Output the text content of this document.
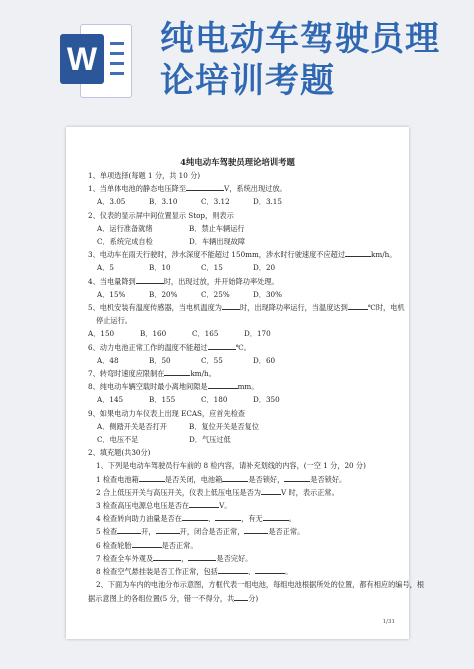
W 纯电动车驾驶员理论培训考题
4纯电动车驾驶员理论培训考题
1、单项选择(每题 1 分，共 10 分)
1、当单体电池的静态电压降至	V，系统出现过放。
A．3.05	B．3.10	C．3.12	D．3.15
2、仪表的显示屏中间位置显示 Stop，则表示
A．运行准备就绪	B．禁止车辆运行
C．系统完成自检	D．车辆出现故障
3、电动车在雨天行驶时，涉水深度不能超过 150mm，涉水时行驶速度不应超过	km/h。
A．5	B．10	C．15	D．20
4、当电量降到	时，出现过放，并开始降功率处理。
A．15%	B．20%	C．25%	D．30%
5、电机安装有温度传感器，当电机温度为	时，出现降功率运行，当温度达到	℃时，电机
停止运行。
A．150	B．160	C．165	D．170
6、动力电池正常工作的温度不能超过	℃。
A．48	B．50	C．55	D．60
7、转弯时速度应限制在	km/h。
8、纯电动车辆空载时最小离地间隙是	mm。
A．145	B．155	C．180	D．350
9、如果电动力车仪表上出现 ECAS，应首先检查
A．侧踏开关是否打开	B．复位开关是否复位
C．电压不足	D．气压过低
2、填充题(共30分)
1、下列是电动车驾驶员行车前的 8 检内容，请补充划线的内容，(一空 1 分，20 分)
1 检查电池箱	是否关闭，电池箱	是否锁好，	是否锁好。
2 合上低压开关与高压开关，仪表上低压电压是否为	V 时，表示正常。
3 检查高压电源总电压是否在	V。
4 检查转向助力油量是否在	、	，有无	。
5 检查	开，	开，闭合是否正常，	是否正常。
6 检查轮胎	是否正常。
7 检查全车外观及	，	是否完好。
8 检查空气悬挂装是否工作正常，包括	、	。
2、下面为车内的电池分布示意图，方框代表一组电池，每组电池根据所处的位置，都有相应的编号，根
据示意图上的各组位置(5 分，错一不得分，共 分)
1/31
